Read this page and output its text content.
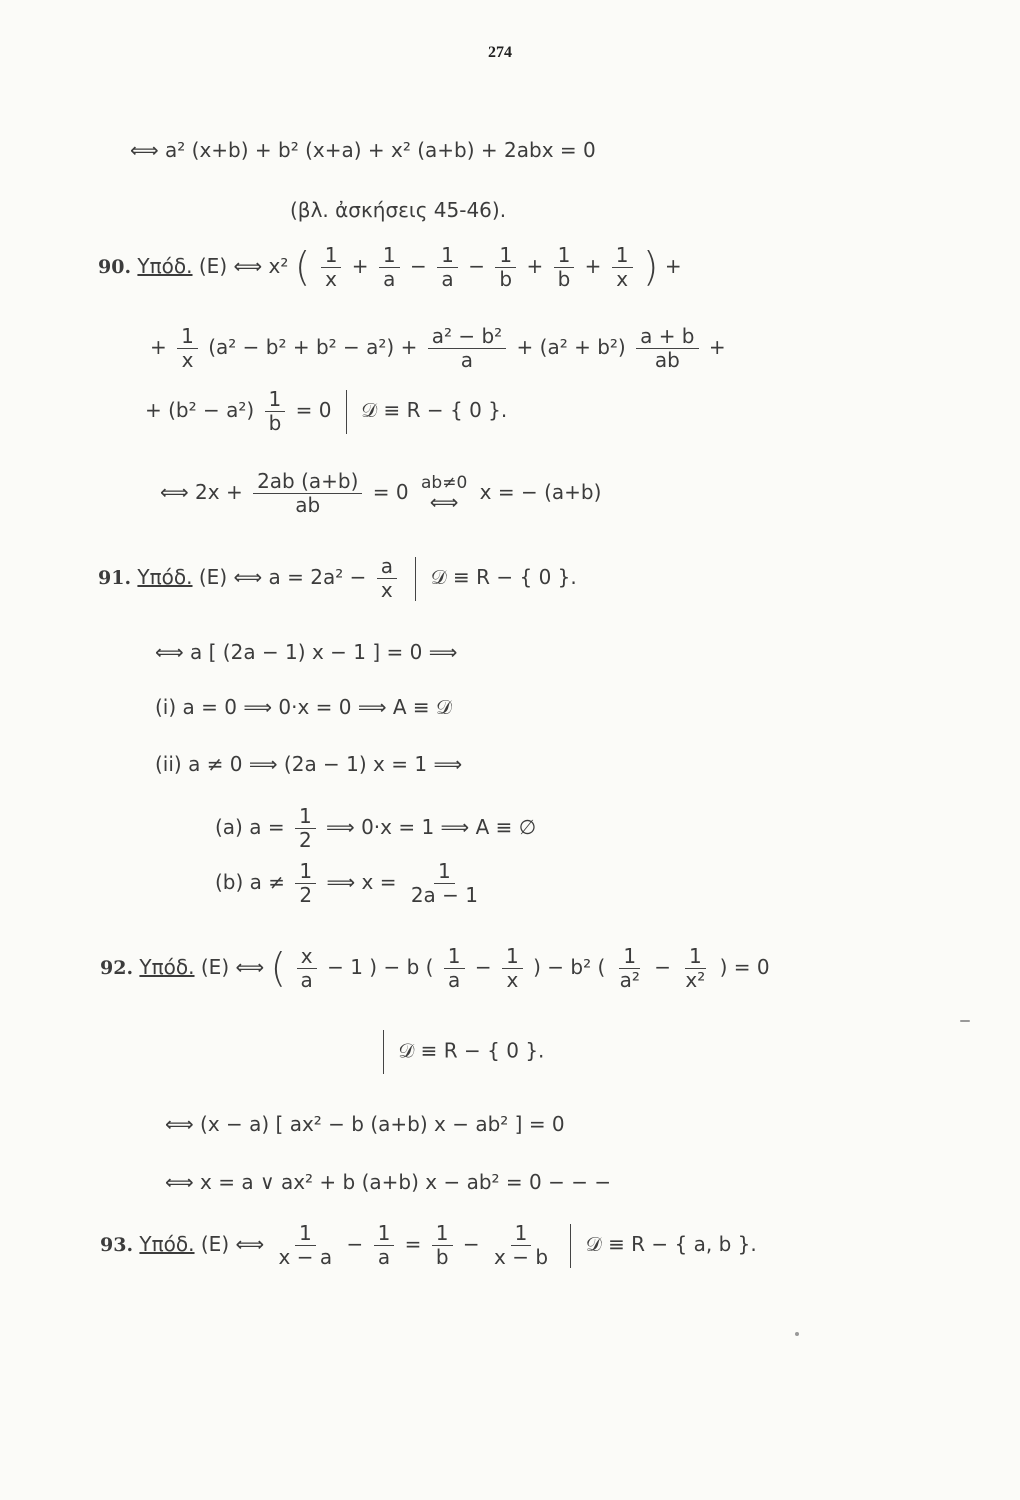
274
⟺ a² (x+b) + b² (x+a) + x² (a+b) + 2abx = 0
(βλ. ἀσκήσεις 45-46).
90. Υπόδ. (E) ⟺ x² ( $\frac{1}{x} + \frac{1}{a} - \frac{1}{a} - \frac{1}{b} + \frac{1}{b} + \frac{1}{x}$ ) +
+ $\frac{1}{x} (a^2 - b^2 + b^2 - a^2) + \frac{\text{a² − b²}}{a} + (a^2 + b^2) \frac{a + b}{ab}$ +
+ $(b^2 - a^2) \frac{1}{b} = 0$ 𝒟 ≡ R − { 0 }.
⟺ $2x + \frac{2ab (a+b)}{ab} = 0$ ab≠0
⟺ x = − (a+b)
91. Υπόδ. (E) ⟺ $a = 2a^2 - \frac{a}{x}$ 𝒟 ≡ R − { 0 }.
⟺ a [ (2a − 1) x − 1 ] = 0 ⟹
(i) a = 0 ⟹ 0·x = 0 ⟹ A ≡ 𝒟
(ii) a ≠ 0 ⟹ (2a − 1) x = 1 ⟹
(a) $a = \frac{1}{2}$ ⟹ 0·x = 1 ⟹ A ≡ ∅
(b) $a \ne \frac{1}{2}$ ⟹ $x = \frac{1}{2a - 1}$
92. Υπόδ. (E) ⟺ ( $\frac{x}{a} - 1$ ) − b ( $\frac{1}{a} - \frac{1}{x}$ ) − b² ( $\frac{1}{\text{a²}} - \frac{1}{\text{x²}}$ ) = 0
𝒟 ≡ R − { 0 }.
⟺ (x − a) [ ax² − b (a+b) x − ab² ] = 0
⟺ x = a ∨ ax² + b (a+b) x − ab² = 0 − − −
93. Υπόδ. (E) ⟺ $\frac{1}{x - a} - \frac{1}{a} = \frac{1}{b} - \frac{1}{x - b}$ 𝒟 ≡ R − { a, b }.
